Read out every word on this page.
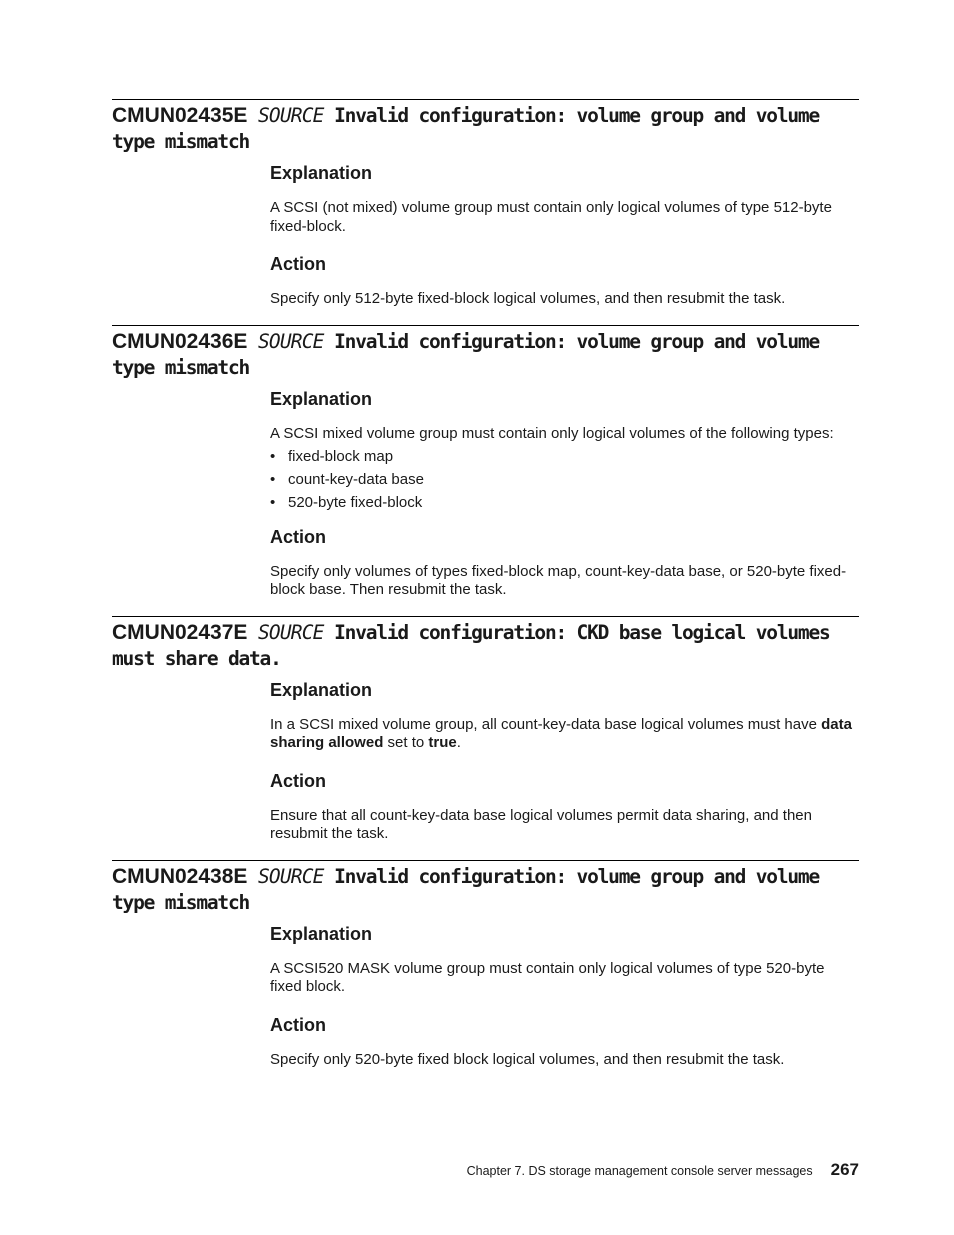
CMUN02435E SOURCE Invalid configuration: volume group and volume
type mismatch
Explanation

A SCSI (not mixed) volume group must contain only logical volumes of type 512-byte fixed-block.

Action

Specify only 512-byte fixed-block logical volumes, and then resubmit the task.

CMUN02436E SOURCE Invalid configuration: volume group and volume
type mismatch
Explanation

A SCSI mixed volume group must contain only logical volumes of the following types:

• fixed-block map
• count-key-data base
• 520-byte fixed-block
Action

Specify only volumes of types fixed-block map, count-key-data base, or 520-byte fixed-block base. Then resubmit the task.

CMUN02437E SOURCE Invalid configuration: CKD base logical volumes
must share data.
Explanation

In a SCSI mixed volume group, all count-key-data base logical volumes must have data sharing allowed set to true.

Action

Ensure that all count-key-data base logical volumes permit data sharing, and then resubmit the task.

CMUN02438E SOURCE Invalid configuration: volume group and volume
type mismatch
Explanation

A SCSI520 MASK volume group must contain only logical volumes of type 520-byte fixed block.

Action

Specify only 520-byte fixed block logical volumes, and then resubmit the task.

Chapter 7. DS storage management console server messages 267
